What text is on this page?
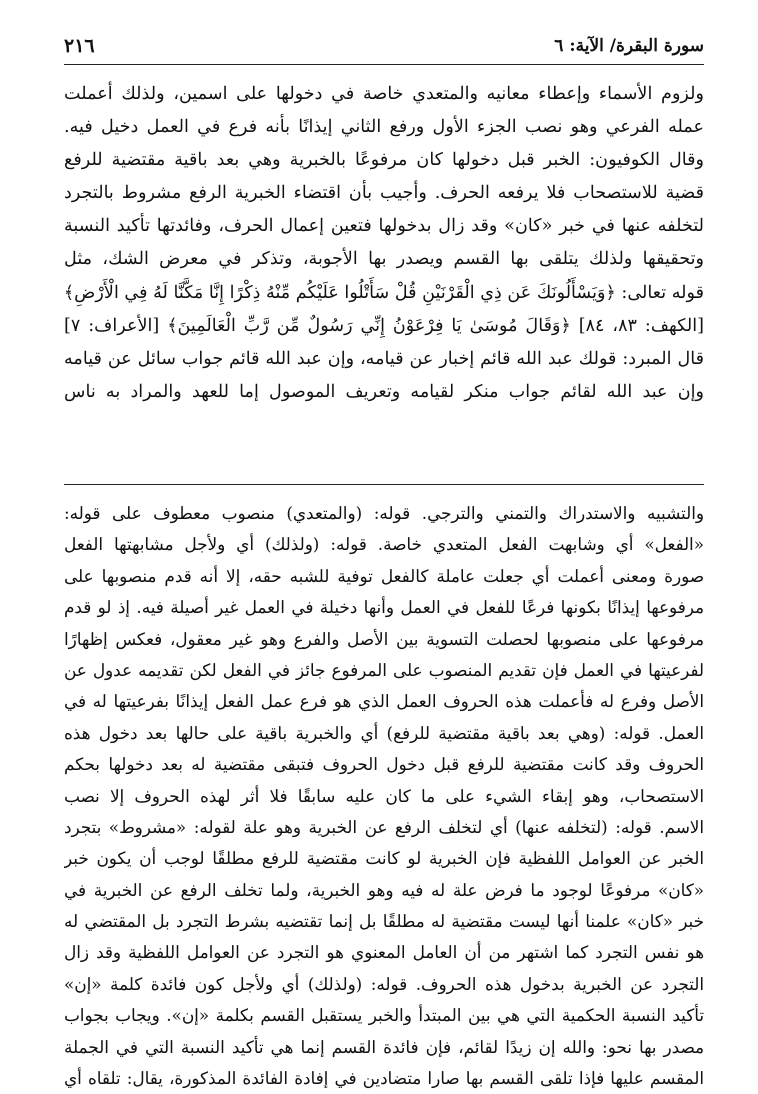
سورة البقرة/ الآية: ٦
٢١٦
ولزوم الأسماء وإعطاء معانيه والمتعدي خاصة في دخولها على اسمين، ولذلك أعملت
عمله الفرعي وهو نصب الجزء الأول ورفع الثاني إيذانًا بأنه فرع في العمل دخيل فيه.
وقال الكوفيون: الخبر قبل دخولها كان مرفوعًا بالخبرية وهي بعد باقية مقتضية للرفع
قضية للاستصحاب فلا يرفعه الحرف. وأجيب بأن اقتضاء الخبرية الرفع مشروط بالتجرد
لتخلفه عنها في خبر «كان» وقد زال بدخولها فتعين إعمال الحرف، وفائدتها تأكيد النسبة
وتحقيقها ولذلك يتلقى بها القسم ويصدر بها الأجوبة، وتذكر في معرض الشك، مثل
قوله تعالى: ﴿وَيَسْأَلُونَكَ عَن ذِي الْقَرْنَيْنِ قُلْ سَأَتْلُوا عَلَيْكُم مِّنْهُ ذِكْرًا إِنَّا مَكَّنَّا لَهُ فِي الْأَرْضِ﴾
[الكهف: ٨٣، ٨٤] ﴿وَقَالَ مُوسَىٰ يَا فِرْعَوْنُ إِنِّي رَسُولٌ مِّن رَّبِّ الْعَالَمِينَ﴾ [الأعراف: ٧]
قال المبرد: قولك عبد الله قائم إخبار عن قيامه، وإن عبد الله قائم جواب سائل عن قيامه
وإن عبد الله لقائم جواب منكر لقيامه وتعريف الموصول إما للعهد والمراد به ناس
والتشبيه والاستدراك والتمني والترجي. قوله: (والمتعدي) منصوب معطوف على قوله:
«الفعل» أي وشابهت الفعل المتعدي خاصة. قوله: (ولذلك) أي ولأجل مشابهتها الفعل
صورة ومعنى أعملت أي جعلت عاملة كالفعل توفية للشبه حقه، إلا أنه قدم منصوبها على
مرفوعها إيذانًا بكونها فرعًا للفعل في العمل وأنها دخيلة في العمل غير أصيلة فيه. إذ لو قدم
مرفوعها على منصوبها لحصلت التسوية بين الأصل والفرع وهو غير معقول، فعكس إظهارًا
لفرعيتها في العمل فإن تقديم المنصوب على المرفوع جائز في الفعل لكن تقديمه عدول عن
الأصل وفرع له فأعملت هذه الحروف العمل الذي هو فرع عمل الفعل إيذانًا بفرعيتها له في
العمل. قوله: (وهي بعد باقية مقتضية للرفع) أي والخبرية باقية على حالها بعد دخول هذه
الحروف وقد كانت مقتضية للرفع قبل دخول الحروف فتبقى مقتضية له بعد دخولها بحكم
الاستصحاب، وهو إبقاء الشيء على ما كان عليه سابقًا فلا أثر لهذه الحروف إلا نصب
الاسم. قوله: (لتخلفه عنها) أي لتخلف الرفع عن الخبرية وهو علة لقوله: «مشروط» بتجرد
الخبر عن العوامل اللفظية فإن الخبرية لو كانت مقتضية للرفع مطلقًا لوجب أن يكون خبر
«كان» مرفوعًا لوجود ما فرض علة له فيه وهو الخبرية، ولما تخلف الرفع عن الخبرية في
خبر «كان» علمنا أنها ليست مقتضية له مطلقًا بل إنما تقتضيه بشرط التجرد بل المقتضي له
هو نفس التجرد كما اشتهر من أن العامل المعنوي هو التجرد عن العوامل اللفظية وقد زال
التجرد عن الخبرية بدخول هذه الحروف. قوله: (ولذلك) أي ولأجل كون فائدة كلمة «إن»
تأكيد النسبة الحكمية التي هي بين المبتدأ والخبر يستقبل القسم بكلمة «إن». ويجاب بجواب
مصدر بها نحو: والله إن زيدًا لقائم، فإن فائدة القسم إنما هي تأكيد النسبة التي في الجملة
المقسم عليها فإذا تلقى القسم بها صارا متضادين في إفادة الفائدة المذكورة، يقال: تلقاه أي
